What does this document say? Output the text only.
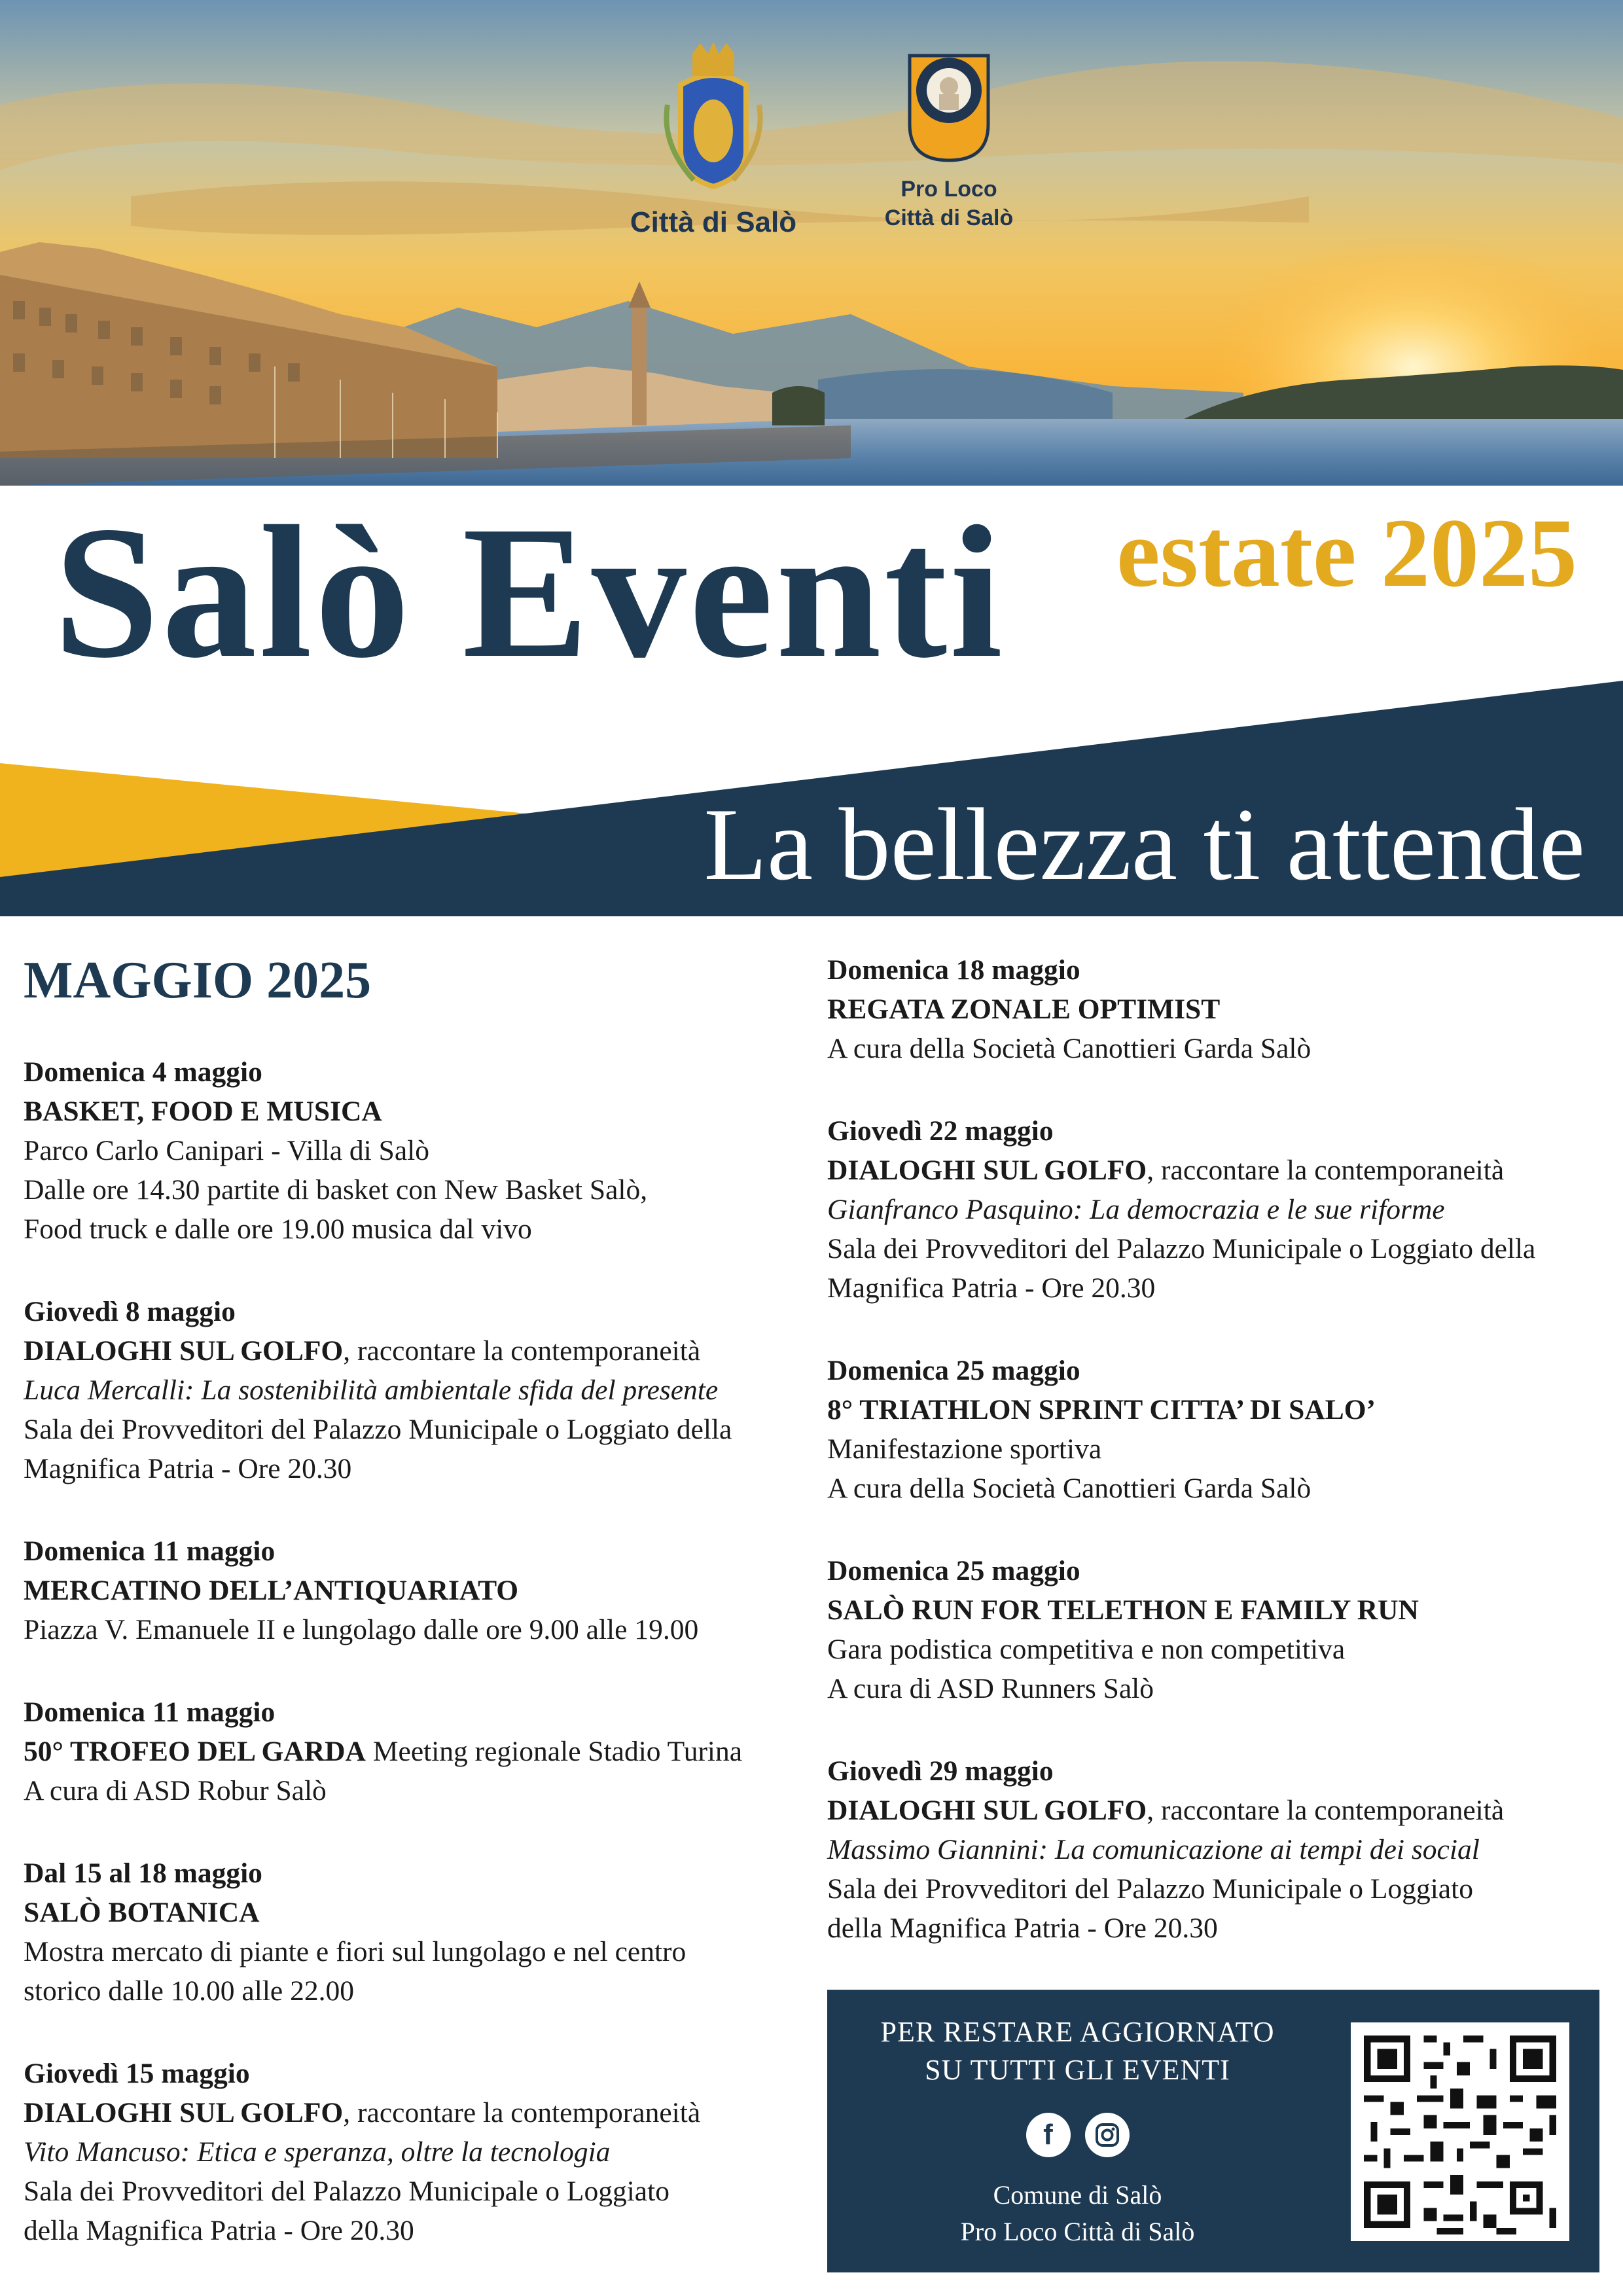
Città di Salò
Pro Loco
Città di Salò
Salò Eventi estate 2025
La bellezza ti attende
MAGGIO 2025
Domenica 4 maggio
BASKET, FOOD E MUSICA
Parco Carlo Canipari - Villa di Salò
Dalle ore 14.30 partite di basket con New Basket Salò,
Food truck e dalle ore 19.00 musica dal vivo
Giovedì 8 maggio
DIALOGHI SUL GOLFO, raccontare la contemporaneità
Luca Mercalli: La sostenibilità ambientale sfida del presente
Sala dei Provveditori del Palazzo Municipale o Loggiato della
Magnifica Patria - Ore 20.30
Domenica 11 maggio
MERCATINO DELL’ANTIQUARIATO
Piazza V. Emanuele II e lungolago dalle ore 9.00 alle 19.00
Domenica 11 maggio
50° TROFEO DEL GARDA Meeting regionale Stadio Turina
A cura di ASD Robur Salò
Dal 15 al 18 maggio
SALÒ BOTANICA
Mostra mercato di piante e fiori sul lungolago e nel centro
storico dalle 10.00 alle 22.00
Giovedì 15 maggio
DIALOGHI SUL GOLFO, raccontare la contemporaneità
Vito Mancuso: Etica e speranza, oltre la tecnologia
Sala dei Provveditori del Palazzo Municipale o Loggiato
della Magnifica Patria - Ore 20.30
Domenica 18 maggio
REGATA ZONALE OPTIMIST
A cura della Società Canottieri Garda Salò
Giovedì 22 maggio
DIALOGHI SUL GOLFO, raccontare la contemporaneità
Gianfranco Pasquino: La democrazia e le sue riforme
Sala dei Provveditori del Palazzo Municipale o Loggiato della
Magnifica Patria - Ore 20.30
Domenica 25 maggio
8° TRIATHLON SPRINT CITTA’ DI SALO’
Manifestazione sportiva
A cura della Società Canottieri Garda Salò
Domenica 25 maggio
SALÒ RUN FOR TELETHON E FAMILY RUN
Gara podistica competitiva e non competitiva
A cura di ASD Runners Salò
Giovedì 29 maggio
DIALOGHI SUL GOLFO, raccontare la contemporaneità
Massimo Giannini: La comunicazione ai tempi dei social
Sala dei Provveditori del Palazzo Municipale o Loggiato
della Magnifica Patria - Ore 20.30
PER RESTARE AGGIORNATO
SU TUTTI GLI EVENTI
f
Comune di Salò
Pro Loco Città di Salò
